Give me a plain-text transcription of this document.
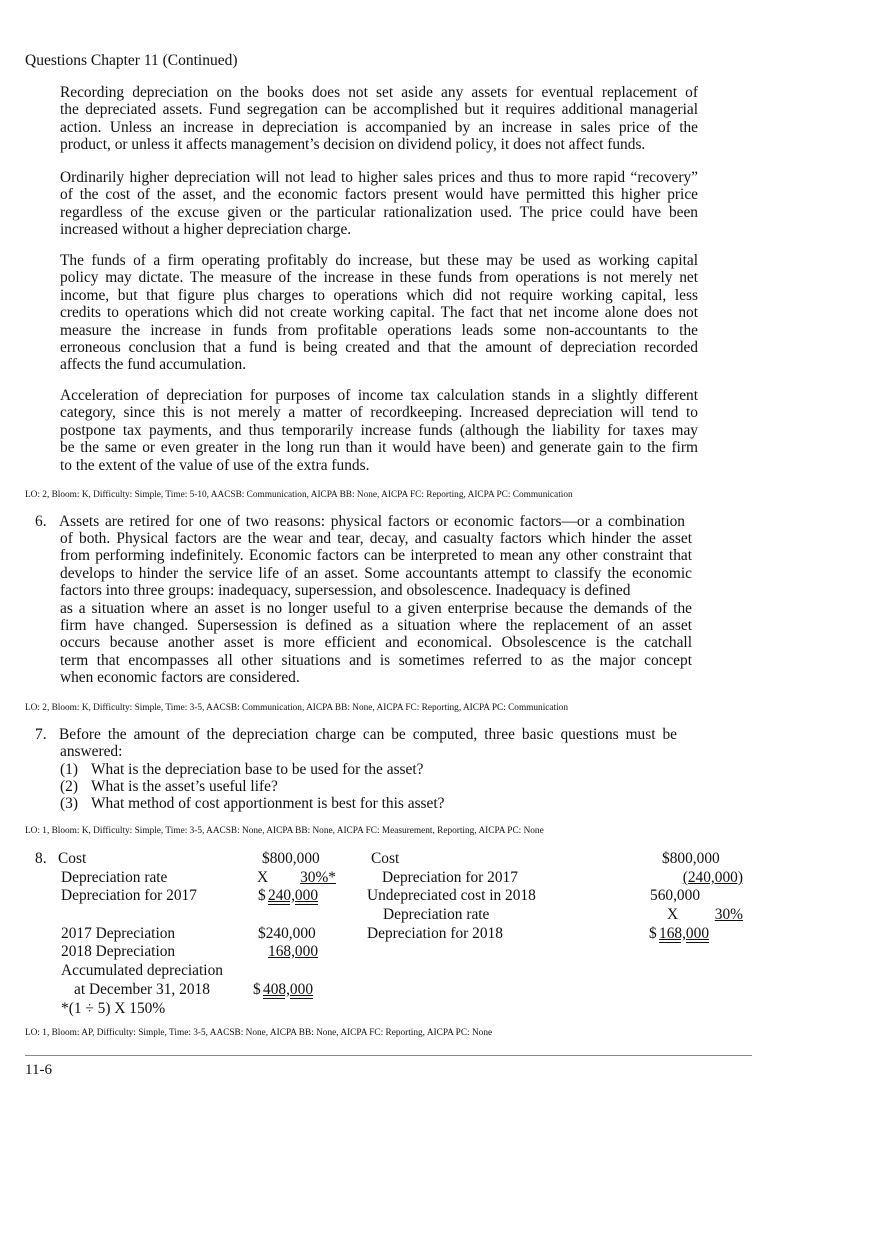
Questions Chapter 11 (Continued)
Recording depreciation on the books does not set aside any assets for eventual replacement of
the depreciated assets. Fund segregation can be accomplished but it requires additional managerial
action. Unless an increase in depreciation is accompanied by an increase in sales price of the
product, or unless it affects management’s decision on dividend policy, it does not affect funds.
Ordinarily higher depreciation will not lead to higher sales prices and thus to more rapid “recovery”
of the cost of the asset, and the economic factors present would have permitted this higher price
regardless of the excuse given or the particular rationalization used. The price could have been
increased without a higher depreciation charge.
The funds of a firm operating profitably do increase, but these may be used as working capital
policy may dictate. The measure of the increase in these funds from operations is not merely net
income, but that figure plus charges to operations which did not require working capital, less
credits to operations which did not create working capital. The fact that net income alone does not
measure the increase in funds from profitable operations leads some non-accountants to the
erroneous conclusion that a fund is being created and that the amount of depreciation recorded
affects the fund accumulation.
Acceleration of depreciation for purposes of income tax calculation stands in a slightly different
category, since this is not merely a matter of recordkeeping. Increased depreciation will tend to
postpone tax payments, and thus temporarily increase funds (although the liability for taxes may
be the same or even greater in the long run than it would have been) and generate gain to the firm
to the extent of the value of use of the extra funds.
LO: 2, Bloom: K, Difficulty: Simple, Time: 5-10, AACSB: Communication, AICPA BB: None, AICPA FC: Reporting, AICPA PC: Communication
6. Assets are retired for one of two reasons: physical factors or economic factors—or a combination
of both. Physical factors are the wear and tear, decay, and casualty factors which hinder the asset
from performing indefinitely. Economic factors can be interpreted to mean any other constraint that
develops to hinder the service life of an asset. Some accountants attempt to classify the economic
factors into three groups: inadequacy, supersession, and obsolescence. Inadequacy is defined
as a situation where an asset is no longer useful to a given enterprise because the demands of the
firm have changed. Supersession is defined as a situation where the replacement of an asset
occurs because another asset is more efficient and economical. Obsolescence is the catchall
term that encompasses all other situations and is sometimes referred to as the major concept
when economic factors are considered.
LO: 2, Bloom: K, Difficulty: Simple, Time: 3-5, AACSB: Communication, AICPA BB: None, AICPA FC: Reporting, AICPA PC: Communication
7. Before the amount of the depreciation charge can be computed, three basic questions must be
answered:
(1) What is the depreciation base to be used for the asset?
(2) What is the asset’s useful life?
(3) What method of cost apportionment is best for this asset?
LO: 1, Bloom: K, Difficulty: Simple, Time: 3-5, AACSB: None, AICPA BB: None, AICPA FC: Measurement, Reporting, AICPA PC: None
8. Cost	$800,000
Depreciation rate	X	30%*
Depreciation for 2017	$ 240,000
2017 Depreciation	$240,000
2018 Depreciation	168,000
Accumulated depreciation
at December 31, 2018	$ 408,000
*(1 ÷ 5) X 150%
Cost	$800,000
Depreciation for 2017	(240,000)
Undepreciated cost in 2018	560,000
Depreciation rate	X	30%
Depreciation for 2018	$ 168,000
LO: 1, Bloom: AP, Difficulty: Simple, Time: 3-5, AACSB: None, AICPA BB: None, AICPA FC: Reporting, AICPA PC: None
11-6
